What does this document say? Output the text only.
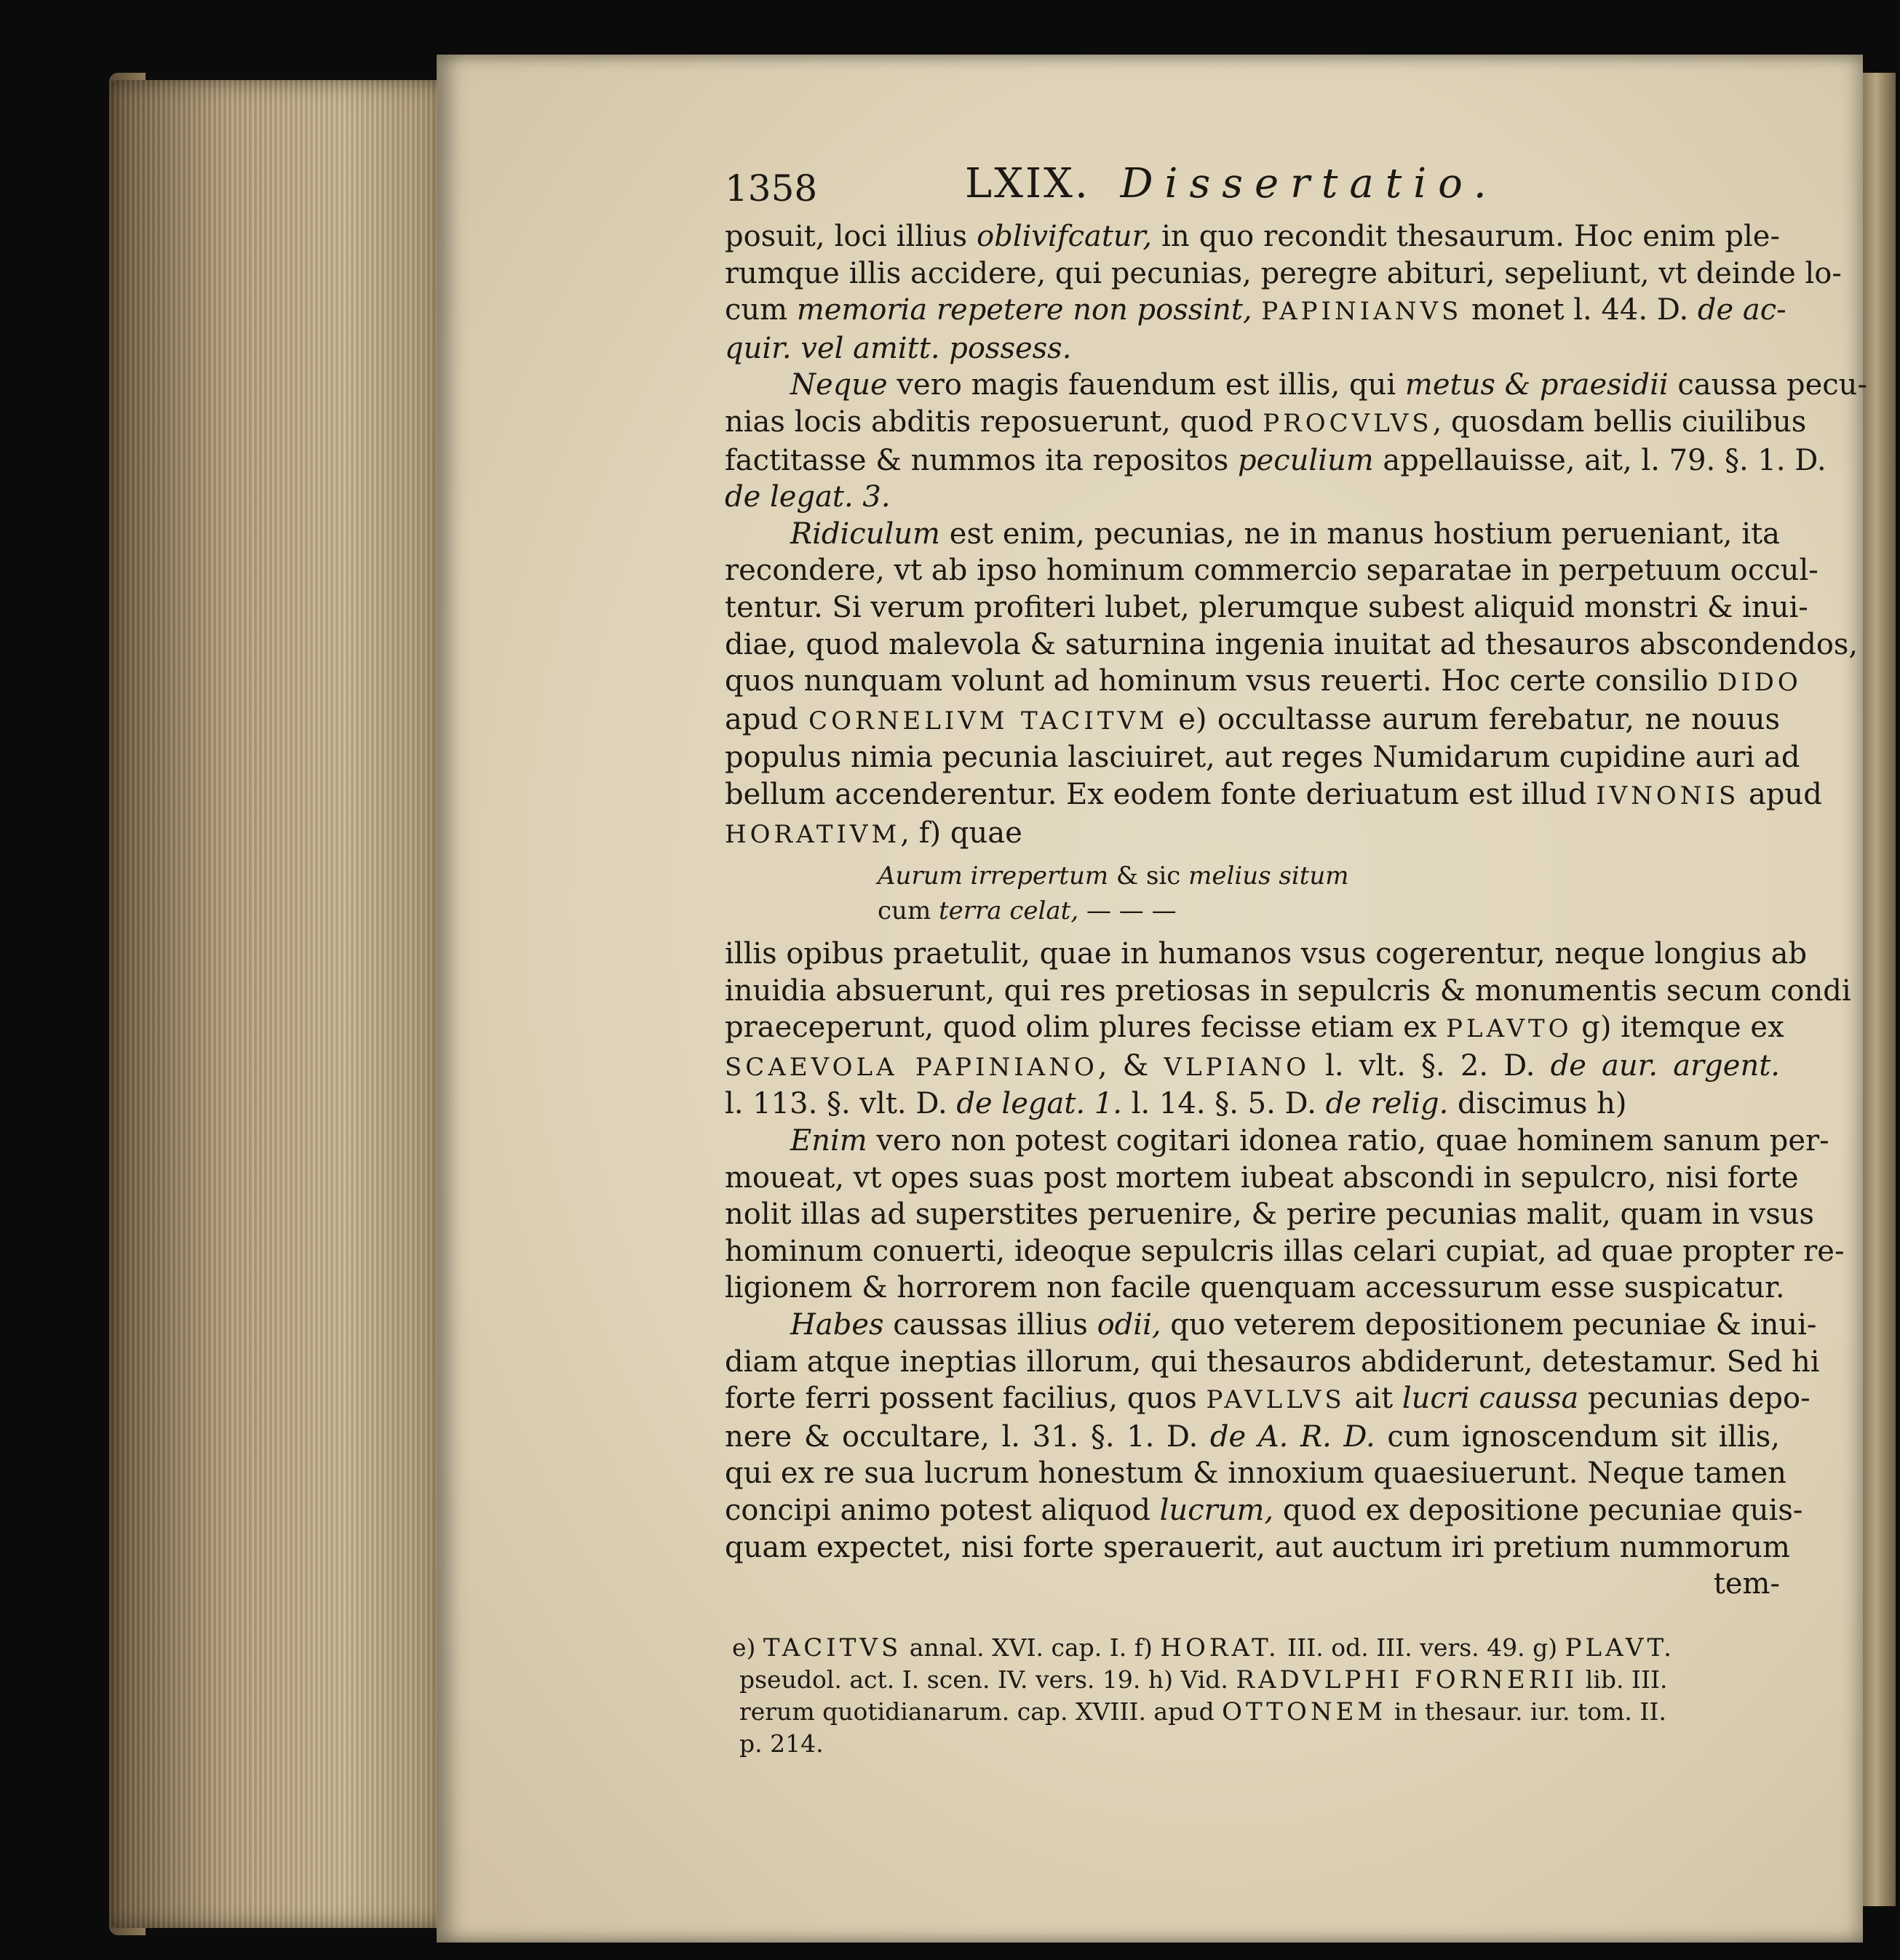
1358	LXIX. Dissertatio.

posuit, loci illius oblivifcatur, in quo recondit thesaurum. Hoc enim ple-

rumque illis accidere, qui pecunias, peregre abituri, sepeliunt, vt deinde lo-

cum memoria repetere non possint, PAPINIANVS monet l. 44. D. de ac-

quir. vel amitt. possess.

Neque vero magis fauendum est illis, qui metus & praesidii caussa pecu-

nias locis abditis reposuerunt, quod PROCVLVS, quosdam bellis ciuilibus

factitasse & nummos ita repositos peculium appellauisse, ait, l. 79. §. 1. D.

de legat. 3.

Ridiculum est enim, pecunias, ne in manus hostium perueniant, ita

recondere, vt ab ipso hominum commercio separatae in perpetuum occul-

tentur. Si verum profiteri lubet, plerumque subest aliquid monstri & inui-

diae, quod malevola & saturnina ingenia inuitat ad thesauros abscondendos,

quos nunquam volunt ad hominum vsus reuerti. Hoc certe consilio DIDO

apud CORNELIVM TACITVM e) occultasse aurum ferebatur, ne nouus

populus nimia pecunia lasciuiret, aut reges Numidarum cupidine auri ad

bellum accenderentur. Ex eodem fonte deriuatum est illud IVNONIS apud

HORATIVM, f) quae

Aurum irrepertum & sic melius situm
cum terra celat, — — —

illis opibus praetulit, quae in humanos vsus cogerentur, neque longius ab

inuidia absuerunt, qui res pretiosas in sepulcris & monumentis secum condi

praeceperunt, quod olim plures fecisse etiam ex PLAVTO g) itemque ex

SCAEVOLA PAPINIANO, & VLPIANO l. vlt. §. 2. D. de aur. argent.

l. 113. §. vlt. D. de legat. 1. l. 14. §. 5. D. de relig. discimus h)

Enim vero non potest cogitari idonea ratio, quae hominem sanum per-

moueat, vt opes suas post mortem iubeat abscondi in sepulcro, nisi forte

nolit illas ad superstites peruenire, & perire pecunias malit, quam in vsus

hominum conuerti, ideoque sepulcris illas celari cupiat, ad quae propter re-

ligionem & horrorem non facile quenquam accessurum esse suspicatur.

Habes caussas illius odii, quo veterem depositionem pecuniae & inui-

diam atque ineptias illorum, qui thesauros abdiderunt, detestamur. Sed hi

forte ferri possent facilius, quos PAVLLVS ait lucri caussa pecunias depo-

nere & occultare, l. 31. §. 1. D. de A. R. D. cum ignoscendum sit illis,

qui ex re sua lucrum honestum & innoxium quaesiuerunt. Neque tamen

concipi animo potest aliquod lucrum, quod ex depositione pecuniae quis-

quam expectet, nisi forte sperauerit, aut auctum iri pretium nummorum

tem-

e) TACITVS annal. XVI. cap. I. f) HORAT. III. od. III. vers. 49. g) PLAVT.
pseudol. act. I. scen. IV. vers. 19. h) Vid. RADVLPHI FORNERII lib. III.
rerum quotidianarum. cap. XVIII. apud OTTONEM in thesaur. iur. tom. II.
p. 214.
